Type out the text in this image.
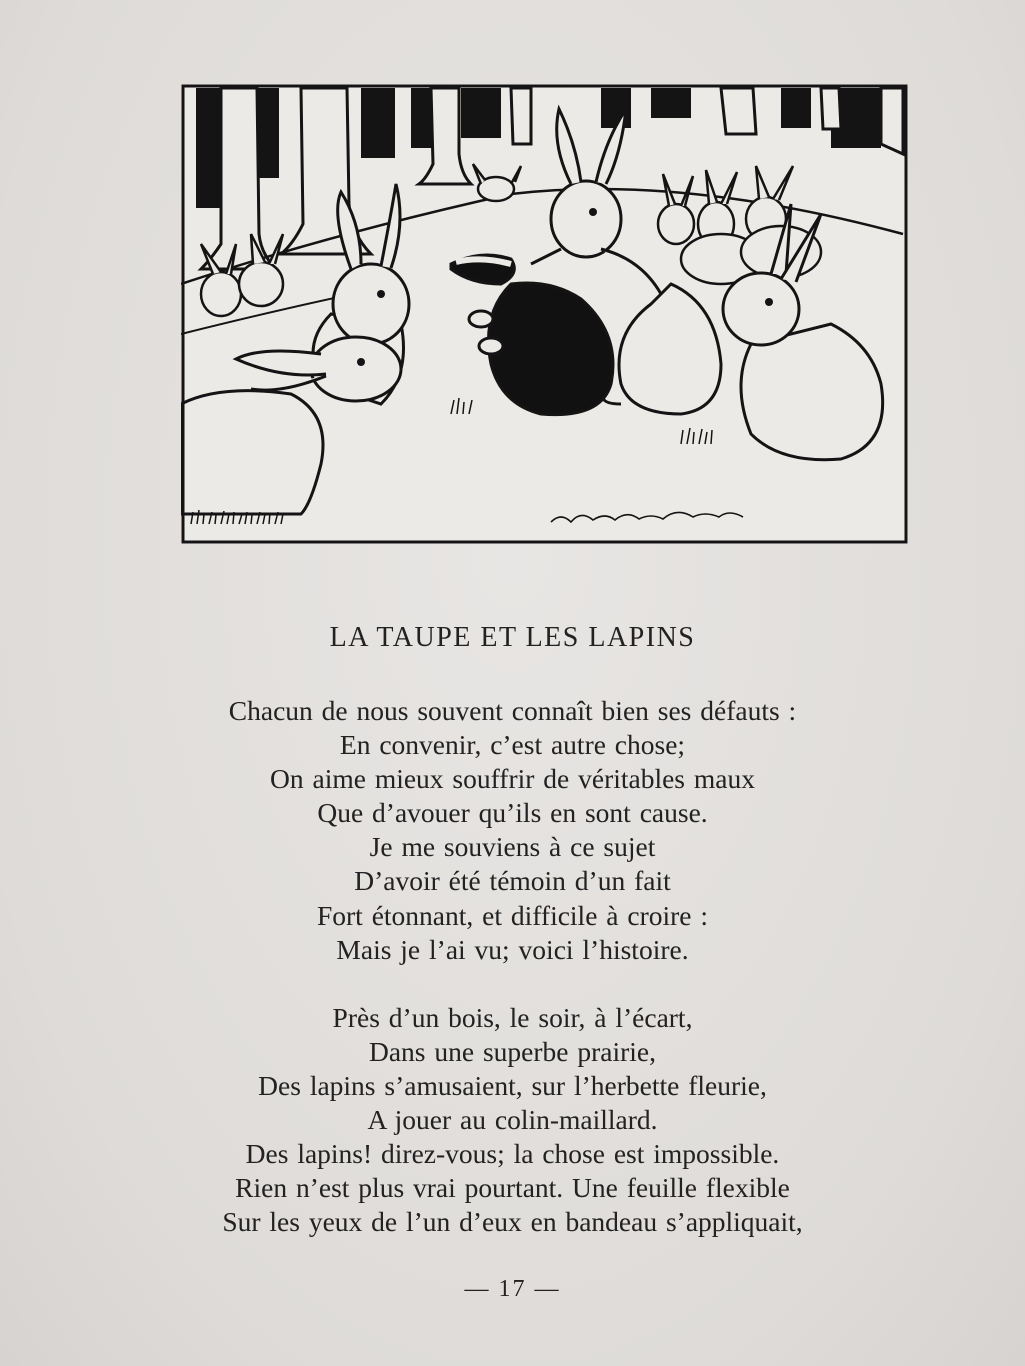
LA TAUPE ET LES LAPINS
Chacun de nous souvent connaît bien ses défauts :
En convenir, c’est autre chose;
On aime mieux souffrir de véritables maux
Que d’avouer qu’ils en sont cause.
Je me souviens à ce sujet
D’avoir été témoin d’un fait
Fort étonnant, et difficile à croire :
Mais je l’ai vu; voici l’histoire.
Près d’un bois, le soir, à l’écart,
Dans une superbe prairie,
Des lapins s’amusaient, sur l’herbette fleurie,
A jouer au colin-maillard.
Des lapins! direz-vous; la chose est impossible.
Rien n’est plus vrai pourtant. Une feuille flexible
Sur les yeux de l’un d’eux en bandeau s’appliquait,
— 17 —
